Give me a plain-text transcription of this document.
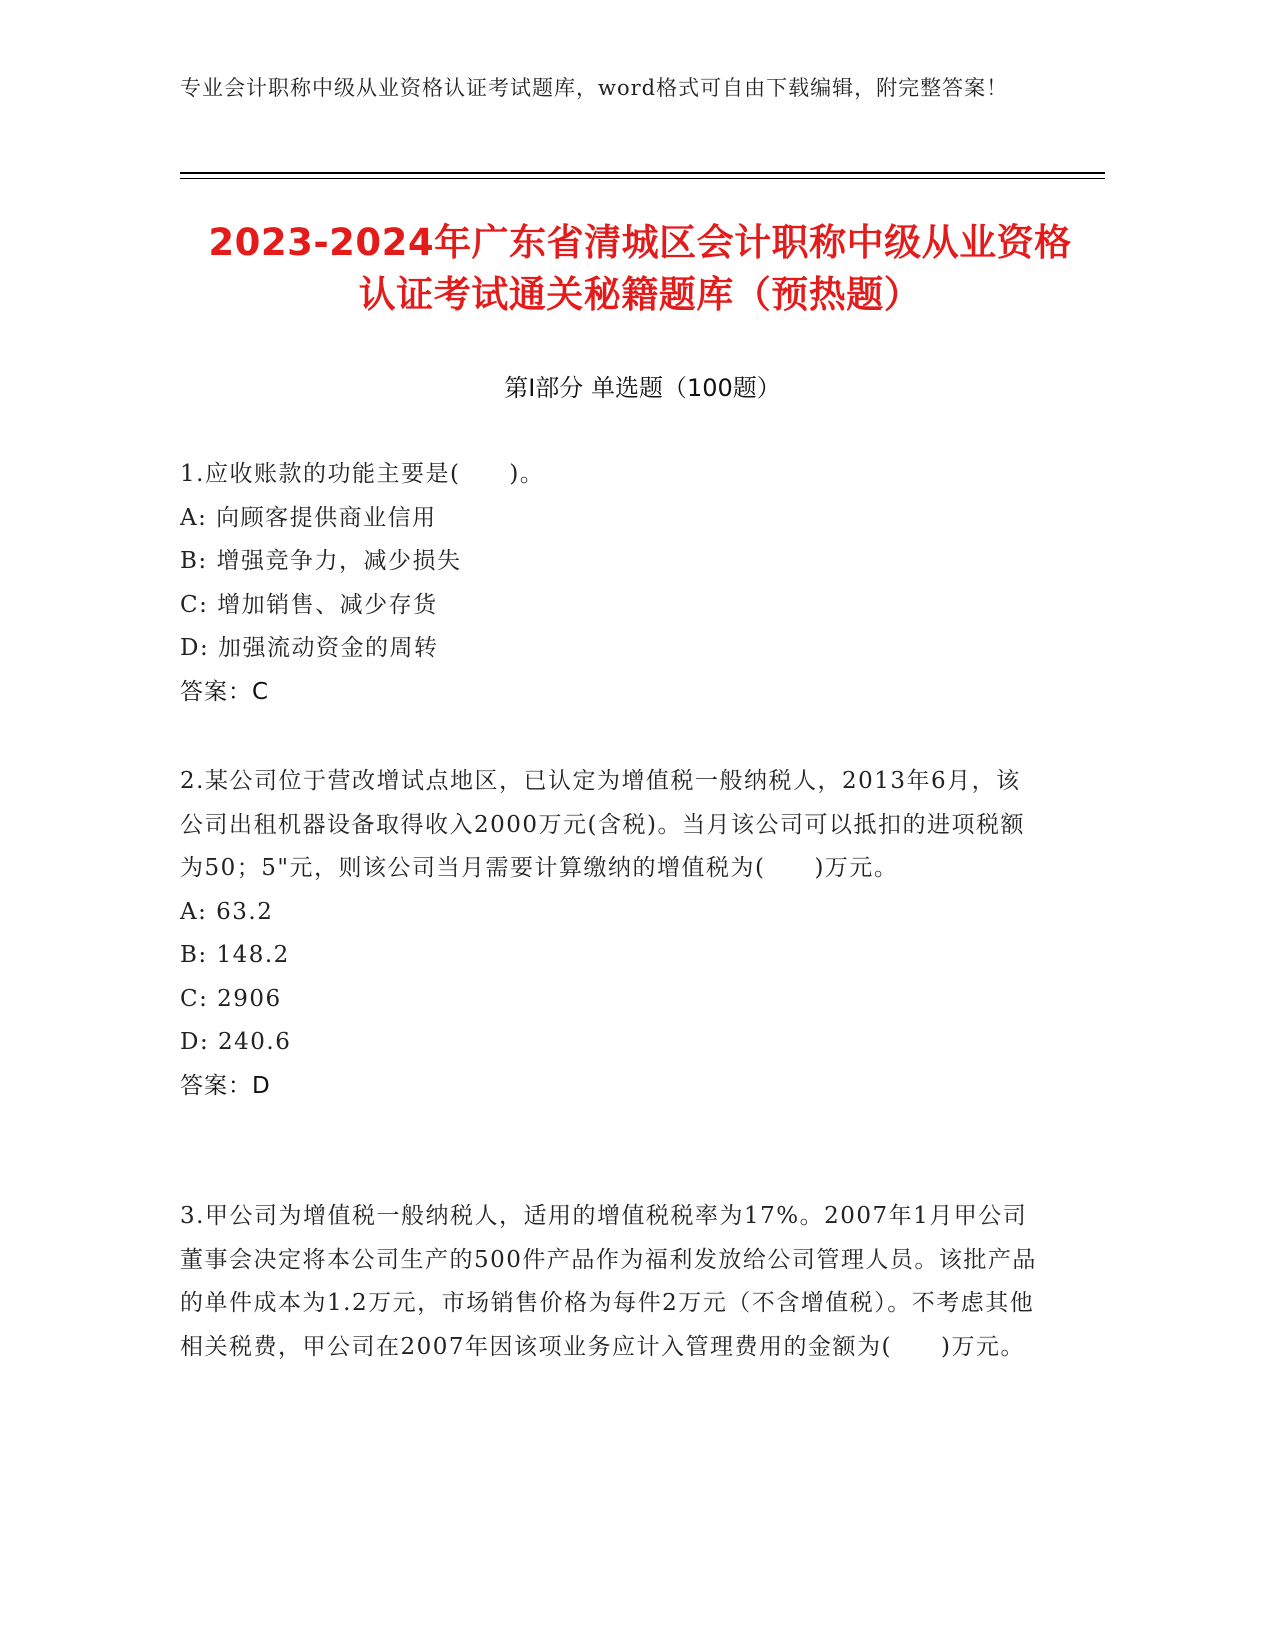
专业会计职称中级从业资格认证考试题库，word格式可自由下载编辑，附完整答案！
2023-2024年广东省清城区会计职称中级从业资格认证考试通关秘籍题库（预热题）
第Ⅰ部分 单选题（100题）
1.应收账款的功能主要是(　　)。
A: 向顾客提供商业信用
B: 增强竞争力，减少损失
C: 增加销售、减少存货
D: 加强流动资金的周转
答案：C
2.某公司位于营改增试点地区，已认定为增值税一般纳税人，2013年6月，该公司出租机器设备取得收入2000万元(含税)。当月该公司可以抵扣的进项税额为50；5"元，则该公司当月需要计算缴纳的增值税为(　　)万元。
A: 63.2
B: 148.2
C: 2906
D: 240.6
答案：D
3.甲公司为增值税一般纳税人，适用的增值税税率为17%。2007年1月甲公司董事会决定将本公司生产的500件产品作为福利发放给公司管理人员。该批产品的单件成本为1.2万元，市场销售价格为每件2万元（不含增值税）。不考虑其他相关税费，甲公司在2007年因该项业务应计入管理费用的金额为(　　)万元。
